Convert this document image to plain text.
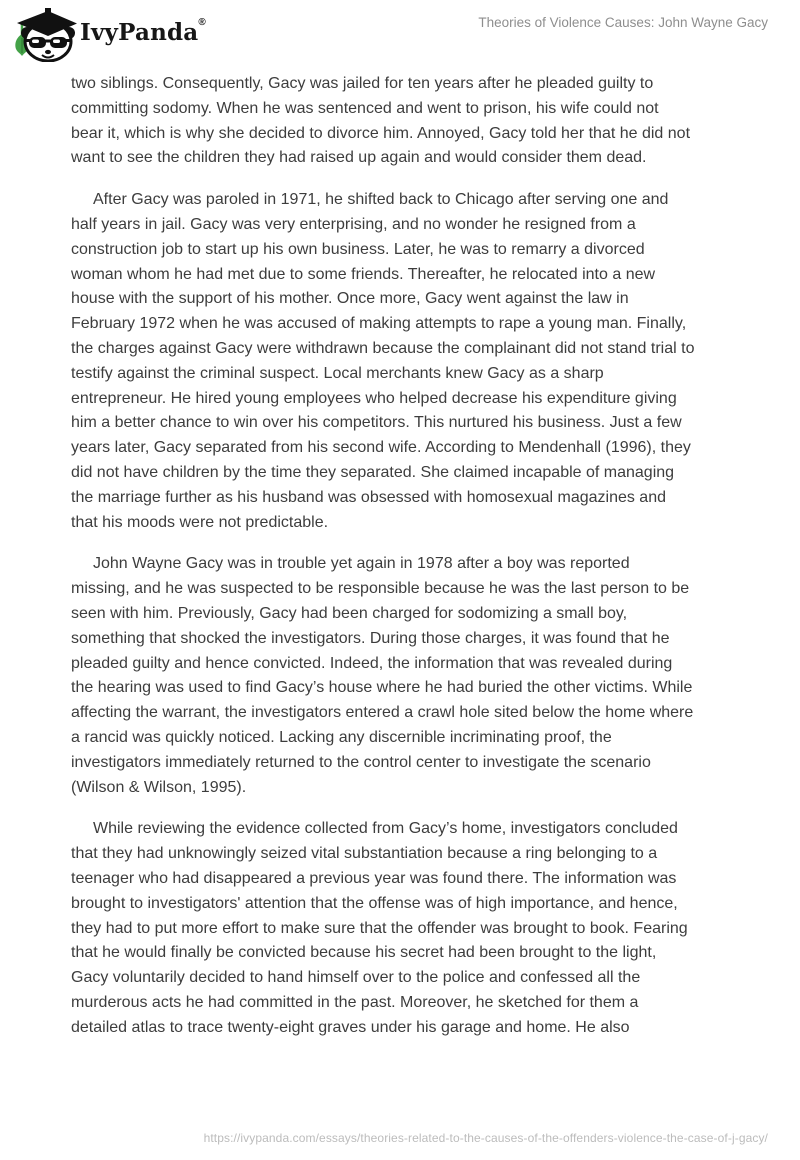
IvyPanda®	Theories of Violence Causes: John Wayne Gacy
two siblings. Consequently, Gacy was jailed for ten years after he pleaded guilty to
committing sodomy. When he was sentenced and went to prison, his wife could not
bear it, which is why she decided to divorce him. Annoyed, Gacy told her that he did not
want to see the children they had raised up again and would consider them dead.
After Gacy was paroled in 1971, he shifted back to Chicago after serving one and
half years in jail. Gacy was very enterprising, and no wonder he resigned from a
construction job to start up his own business. Later, he was to remarry a divorced
woman whom he had met due to some friends. Thereafter, he relocated into a new
house with the support of his mother. Once more, Gacy went against the law in
February 1972 when he was accused of making attempts to rape a young man. Finally,
the charges against Gacy were withdrawn because the complainant did not stand trial to
testify against the criminal suspect. Local merchants knew Gacy as a sharp
entrepreneur. He hired young employees who helped decrease his expenditure giving
him a better chance to win over his competitors. This nurtured his business. Just a few
years later, Gacy separated from his second wife. According to Mendenhall (1996), they
did not have children by the time they separated. She claimed incapable of managing
the marriage further as his husband was obsessed with homosexual magazines and
that his moods were not predictable.
John Wayne Gacy was in trouble yet again in 1978 after a boy was reported
missing, and he was suspected to be responsible because he was the last person to be
seen with him. Previously, Gacy had been charged for sodomizing a small boy,
something that shocked the investigators. During those charges, it was found that he
pleaded guilty and hence convicted. Indeed, the information that was revealed during
the hearing was used to find Gacy’s house where he had buried the other victims. While
affecting the warrant, the investigators entered a crawl hole sited below the home where
a rancid was quickly noticed. Lacking any discernible incriminating proof, the
investigators immediately returned to the control center to investigate the scenario
(Wilson & Wilson, 1995).
While reviewing the evidence collected from Gacy’s home, investigators concluded
that they had unknowingly seized vital substantiation because a ring belonging to a
teenager who had disappeared a previous year was found there. The information was
brought to investigators' attention that the offense was of high importance, and hence,
they had to put more effort to make sure that the offender was brought to book. Fearing
that he would finally be convicted because his secret had been brought to the light,
Gacy voluntarily decided to hand himself over to the police and confessed all the
murderous acts he had committed in the past. Moreover, he sketched for them a
detailed atlas to trace twenty-eight graves under his garage and home. He also
https://ivypanda.com/essays/theories-related-to-the-causes-of-the-offenders-violence-the-case-of-j-gacy/
